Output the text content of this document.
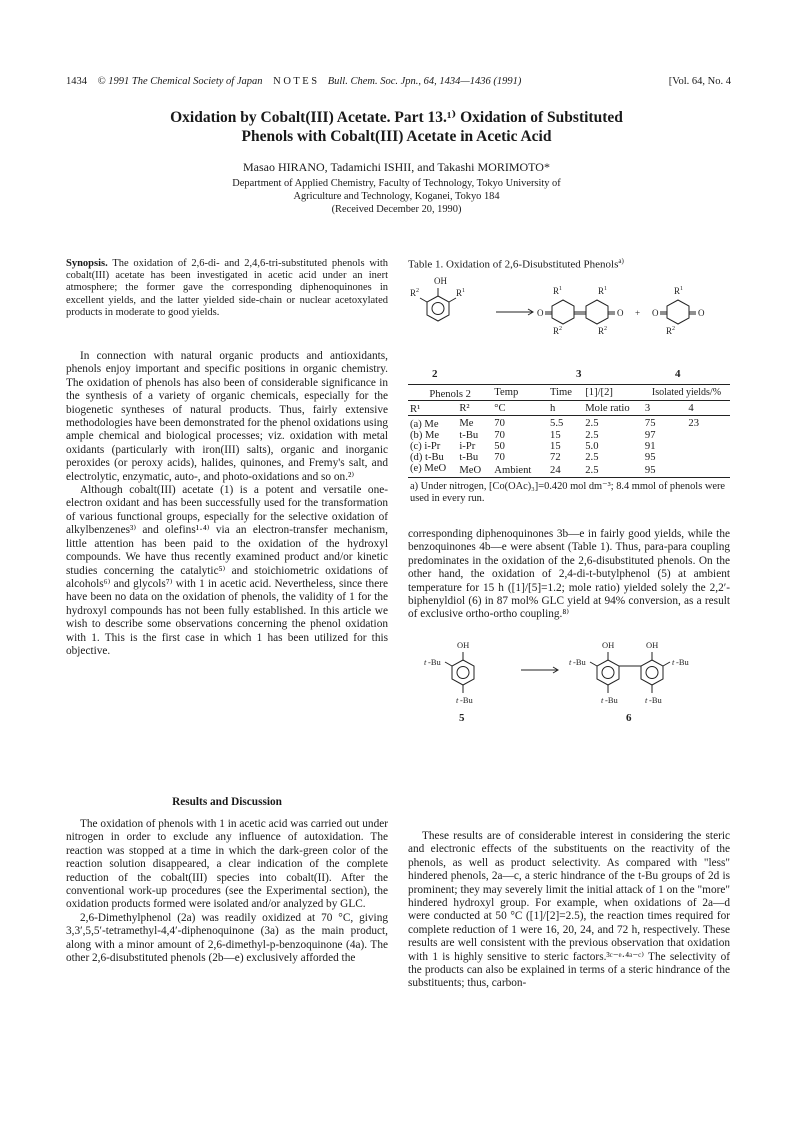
1434 © 1991 The Chemical Society of Japan N O T E S Bull. Chem. Soc. Jpn., 64, 1434—1436 (1991)	[Vol. 64, No. 4
Oxidation by Cobalt(III) Acetate. Part 13.¹⁾ Oxidation of Substituted
Phenols with Cobalt(III) Acetate in Acetic Acid
Masao HIRANO, Tadamichi ISHII, and Takashi MORIMOTO*
Department of Applied Chemistry, Faculty of Technology, Tokyo University of
Agriculture and Technology, Koganei, Tokyo 184
(Received December 20, 1990)

Synopsis. The oxidation of 2,6-di- and 2,4,6-tri-substituted phenols with cobalt(III) acetate has been investigated in acetic acid under an inert atmosphere; the former gave the corresponding diphenoquinones in excellent yields, and the latter yielded side-chain or nuclear acetoxylated products in moderate to good yields.

In connection with natural organic products and antioxidants, phenols enjoy important and specific positions in organic chemistry. The oxidation of phenols has also been of considerable significance in the synthesis of a variety of organic chemicals, especially for the biogenetic syntheses of natural products. Thus, fairly extensive methodologies have been demonstrated for the phenol oxidations using ample chemical and biological processes; viz. oxidation with metal oxidants (particularly with iron(III) salts), organic and inorganic peroxides (or peroxy acids), halides, quinones, and Fremy's salt, and electrolytic, enzymatic, auto-, and photo-oxidations and so on.²⁾

Although cobalt(III) acetate (1) is a potent and versatile one-electron oxidant and has been successfully used for the transformation of various functional groups, especially for the selective oxidation of alkylbenzenes³⁾ and olefins¹·⁴⁾ via an electron-transfer mechanism, little attention has been paid to the oxidation of the hydroxyl compounds. We have thus recently examined product and/or kinetic studies concerning the catalytic⁵⁾ and stoichiometric oxidations of alcohols⁶⁾ and glycols⁷⁾ with 1 in acetic acid. Nevertheless, since there have been no data on the oxidation of phenols, the validity of 1 for the hydroxyl compounds has not been fully established. In this article we wish to describe some observations concerning the phenol oxidation with 1. This is the first case in which 1 has been utilized for this objective.

Results and Discussion

The oxidation of phenols with 1 in acetic acid was carried out under nitrogen in order to exclude any influence of autoxidation. The reaction was stopped at a time in which the dark-green color of the reaction solution disappeared, a clear indication of the complete reduction of the cobalt(III) species into cobalt(II). After the conventional work-up procedures (see the Experimental section), the oxidation products formed were isolated and/or analyzed by GLC.

2,6-Dimethylphenol (2a) was readily oxidized at 70 °C, giving 3,3′,5,5′-tetramethyl-4,4′-diphenoquinone (3a) as the main product, along with a minor amount of 2,6-dimethyl-p-benzoquinone (4a). The other 2,6-disubstituted phenols (2b—e) exclusively afforded the

Table 1. Oxidation of 2,6-Disubstituted Phenols$^{a)}$
OH
R 2	R 1	R 1	R 1
O	O
R 2	R 2
+ O	O
R 1
R 2
2	3	4
Phenols 2		Temp	Time	[1]/[2]	Isolated yields/%	
R¹	R²	°C	h	Mole ratio	3	4
(a) Me	Me	70	5.5	2.5	75	23
(b) Me	t-Bu	70	15	2.5	97	
(c) i-Pr	i-Pr	50	15	5.0	91	
(d) t-Bu	t-Bu	70	72	2.5	95	
(e) MeO	MeO	Ambient	24	2.5	95	
a) Under nitrogen, [Co(OAc)₃]=0.420 mol dm⁻³; 8.4 mmol of phenols were used in every run.						

corresponding diphenoquinones 3b—e in fairly good yields, while the benzoquinones 4b—e were absent (Table 1). Thus, para-para coupling predominates in the oxidation of the 2,6-disubstituted phenols. On the other hand, the oxidation of 2,4-di-t-butylphenol (5) at ambient temperature for 15 h ([1]/[5]=1.2; mole ratio) yielded solely the 2,2′-biphenyldiol (6) in 87 mol% GLC yield at 94% conversion, as a result of exclusive ortho-ortho coupling.⁸⁾

OH
t -Bu
t -Bu
OH	OH
t -Bu	t -Bu
t -Bu	t -Bu
5	6

These results are of considerable interest in considering the steric and electronic effects of the substituents on the reactivity of the phenols, as well as product selectivity. As compared with "less" hindered phenols, 2a—c, a steric hindrance of the t-Bu groups of 2d is prominent; they may severely limit the initial attack of 1 on the "more" hindered hydroxyl group. For example, when oxidations of 2a—d were conducted at 50 °C ([1]/[2]=2.5), the reaction times required for complete reduction of 1 were 16, 20, 24, and 72 h, respectively. These results are well consistent with the previous observation that oxidation with 1 is highly sensitive to steric factors.³ᶜ⁻ᵉ·⁴ᵃ⁻ᶜ⁾ The selectivity of the products can also be explained in terms of a steric hindrance of the substituents; thus, carbon-
